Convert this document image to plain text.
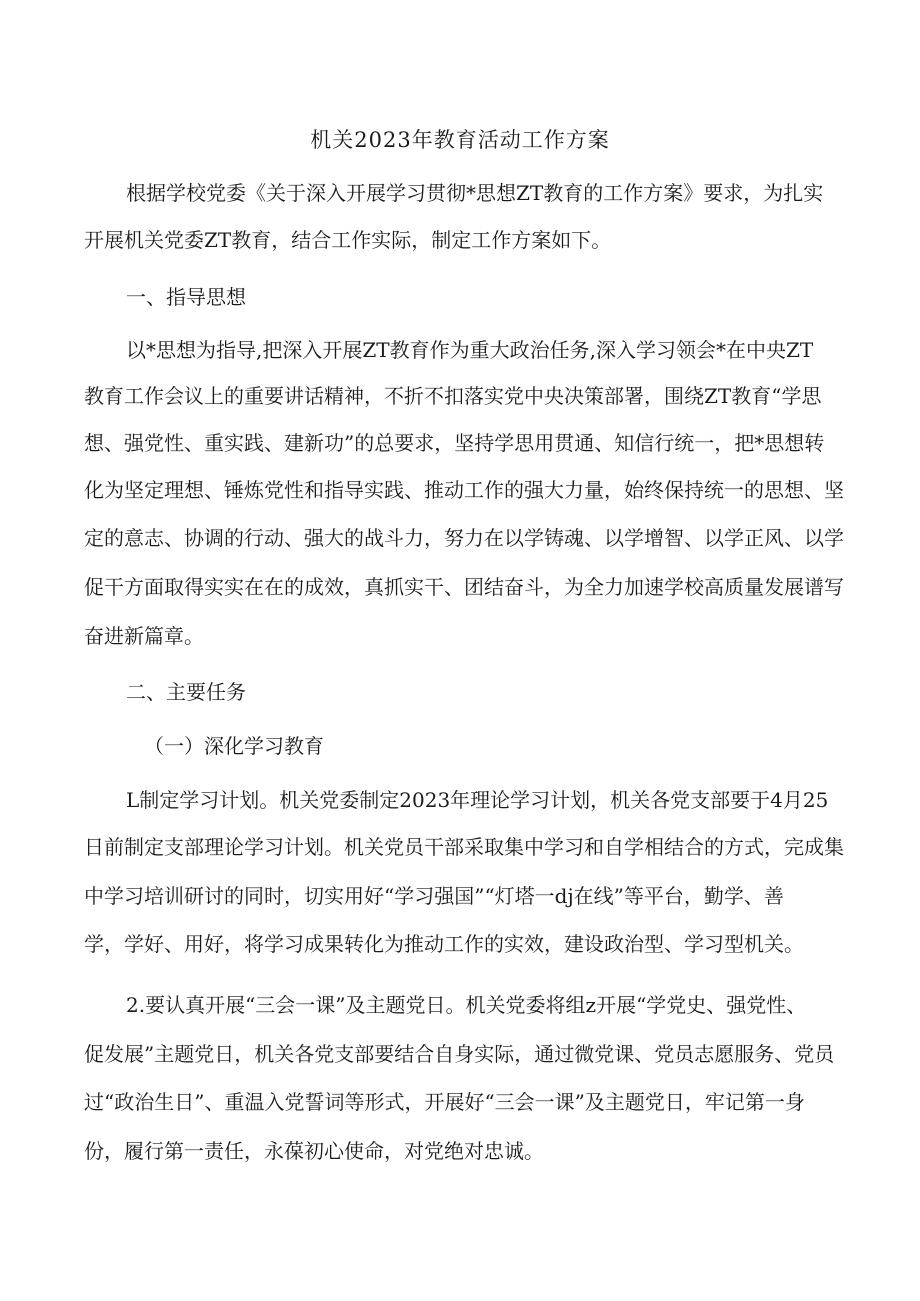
机关2023年教育活动工作方案
根据学校党委《关于深入开展学习贯彻*思想ZT教育的工作方案》要求，为扎实
开展机关党委ZT教育，结合工作实际，制定工作方案如下。
一、指导思想
以*思想为指导,把深入开展ZT教育作为重大政治任务,深入学习领会*在中央ZT
教育工作会议上的重要讲话精神，不折不扣落实党中央决策部署，围绕ZT教育“学思
想、强党性、重实践、建新功”的总要求，坚持学思用贯通、知信行统一，把*思想转
化为坚定理想、锤炼党性和指导实践、推动工作的强大力量，始终保持统一的思想、坚
定的意志、协调的行动、强大的战斗力，努力在以学铸魂、以学增智、以学正风、以学
促干方面取得实实在在的成效，真抓实干、团结奋斗，为全力加速学校高质量发展谱写
奋进新篇章。
二、主要任务
（一）深化学习教育
L制定学习计划。机关党委制定2023年理论学习计划，机关各党支部要于4月25
日前制定支部理论学习计划。机关党员干部采取集中学习和自学相结合的方式，完成集
中学习培训研讨的同时，切实用好“学习强国”“灯塔一dj在线”等平台，勤学、善
学，学好、用好，将学习成果转化为推动工作的实效，建设政治型、学习型机关。
2.要认真开展“三会一课”及主题党日。机关党委将组z开展“学党史、强党性、
促发展”主题党日，机关各党支部要结合自身实际，通过微党课、党员志愿服务、党员
过“政治生日”、重温入党誓词等形式，开展好“三会一课”及主题党日，牢记第一身
份，履行第一责任，永葆初心使命，对党绝对忠诚。
